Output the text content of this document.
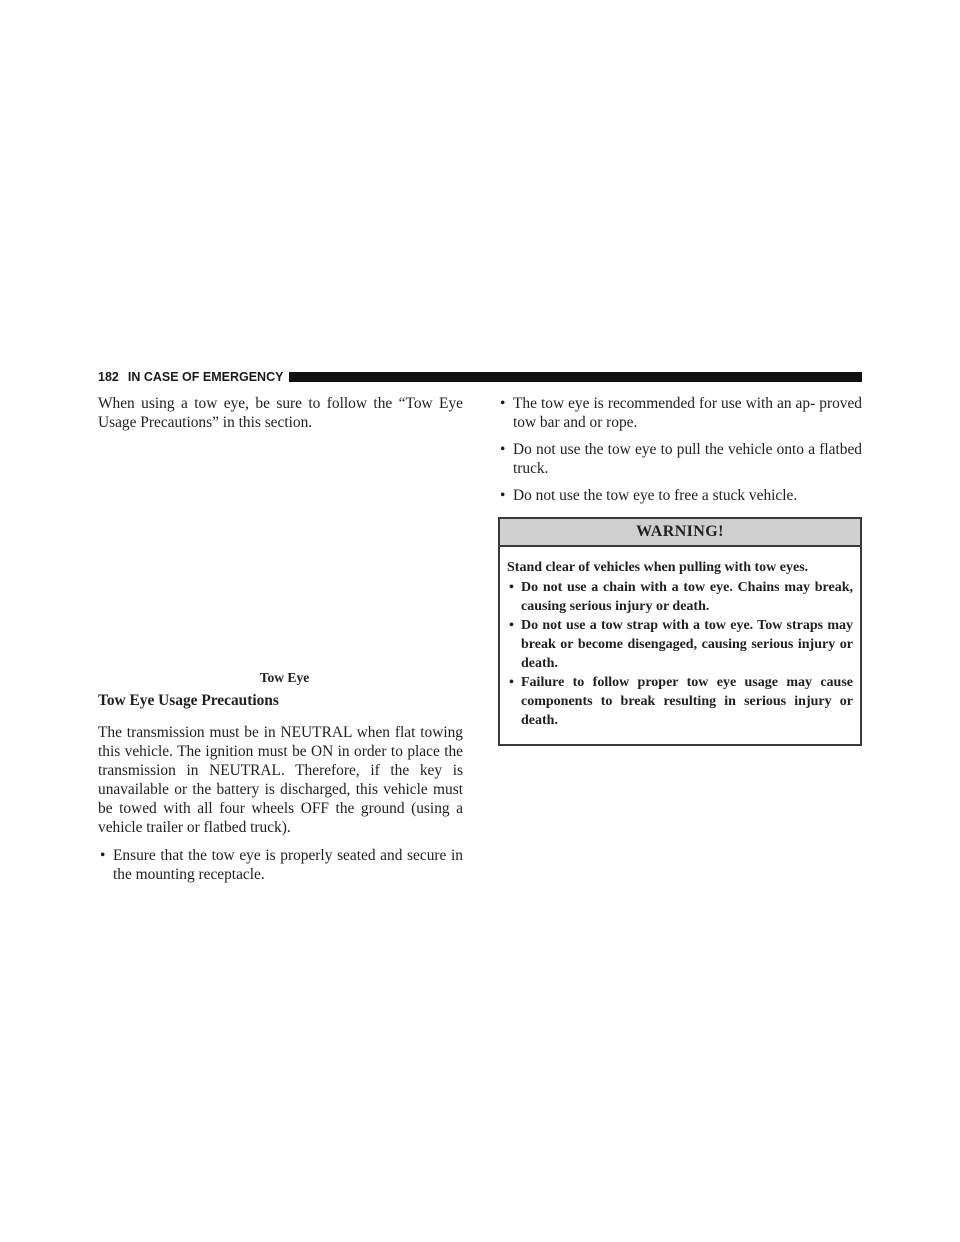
182 IN CASE OF EMERGENCY

When using a tow eye, be sure to follow the “Tow Eye Usage Precautions” in this section.

Tow Eye
Tow Eye Usage Precautions

The transmission must be in NEUTRAL when flat towing this vehicle. The ignition must be ON in order to place the transmission in NEUTRAL. Therefore, if the key is unavailable or the battery is discharged, this vehicle must be towed with all four wheels OFF the ground (using a vehicle trailer or flatbed truck).

• Ensure that the tow eye is properly seated and secure in the mounting receptacle.
• The tow eye is recommended for use with an ap- proved tow bar and or rope.
• Do not use the tow eye to pull the vehicle onto a flatbed truck.
• Do not use the tow eye to free a stuck vehicle.
WARNING!

Stand clear of vehicles when pulling with tow eyes.

• Do not use a chain with a tow eye. Chains may break, causing serious injury or death.
• Do not use a tow strap with a tow eye. Tow straps may break or become disengaged, causing serious injury or death.
• Failure to follow proper tow eye usage may cause components to break resulting in serious injury or death.
